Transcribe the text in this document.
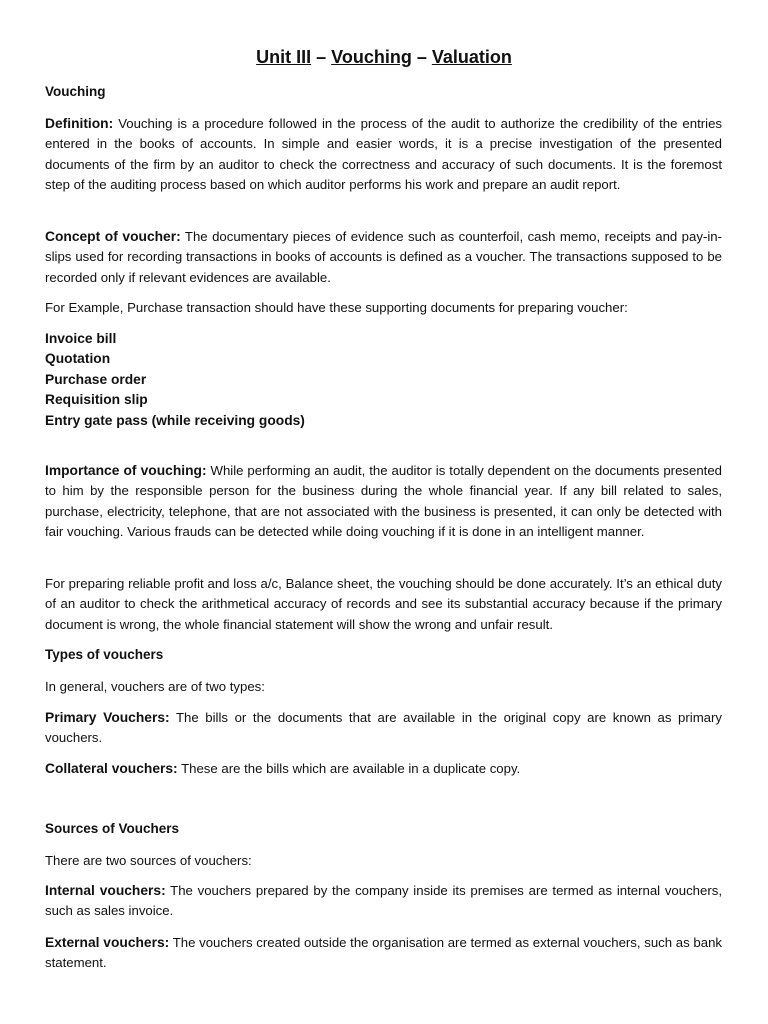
Unit III – Vouching – Valuation
Vouching
Definition: Vouching is a procedure followed in the process of the audit to authorize the credibility of the entries entered in the books of accounts. In simple and easier words, it is a precise investigation of the presented documents of the firm by an auditor to check the correctness and accuracy of such documents. It is the foremost step of the auditing process based on which auditor performs his work and prepare an audit report.
Concept of voucher: The documentary pieces of evidence such as counterfoil, cash memo, receipts and pay-in-slips used for recording transactions in books of accounts is defined as a voucher. The transactions supposed to be recorded only if relevant evidences are available.
For Example, Purchase transaction should have these supporting documents for preparing voucher:
Invoice bill
Quotation
Purchase order
Requisition slip
Entry gate pass (while receiving goods)
Importance of vouching: While performing an audit, the auditor is totally dependent on the documents presented to him by the responsible person for the business during the whole financial year. If any bill related to sales, purchase, electricity, telephone, that are not associated with the business is presented, it can only be detected with fair vouching. Various frauds can be detected while doing vouching if it is done in an intelligent manner.
For preparing reliable profit and loss a/c, Balance sheet, the vouching should be done accurately. It’s an ethical duty of an auditor to check the arithmetical accuracy of records and see its substantial accuracy because if the primary document is wrong, the whole financial statement will show the wrong and unfair result.
Types of vouchers
In general, vouchers are of two types:
Primary Vouchers: The bills or the documents that are available in the original copy are known as primary vouchers.
Collateral vouchers: These are the bills which are available in a duplicate copy.
Sources of Vouchers
There are two sources of vouchers:
Internal vouchers: The vouchers prepared by the company inside its premises are termed as internal vouchers, such as sales invoice.
External vouchers: The vouchers created outside the organisation are termed as external vouchers, such as bank statement.
